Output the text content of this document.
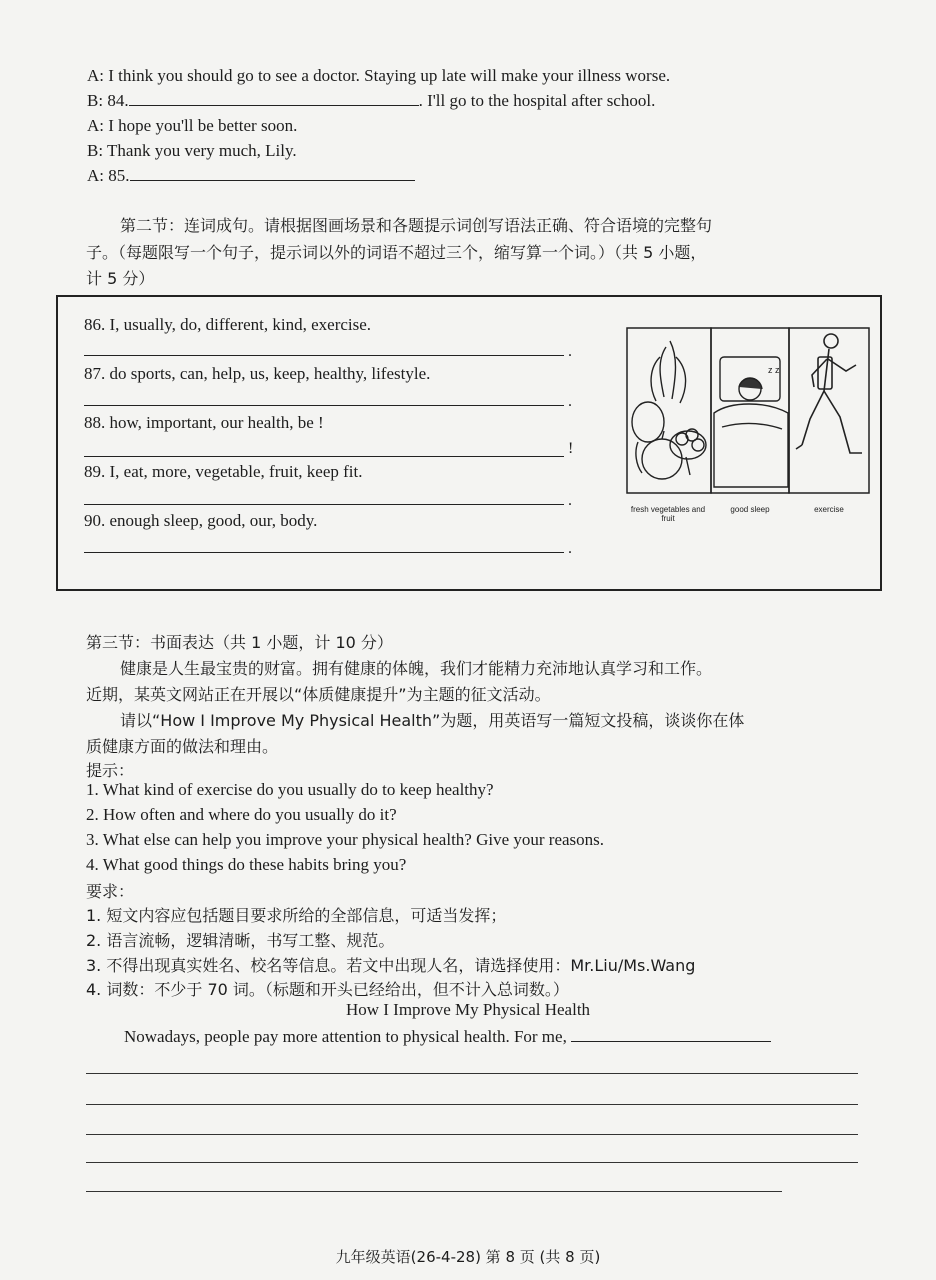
A: I think you should go to see a doctor. Staying up late will make your illness worse.
B: 84.	. I'll go to the hospital after school.
A: I hope you'll be better soon.
B: Thank you very much, Lily.
A: 85.
第二节：连词成句。请根据图画场景和各题提示词创写语法正确、符合语境的完整句
子。（每题限写一个句子，提示词以外的词语不超过三个，缩写算一个词。）（共 5 小题，
计 5 分）
86. I, usually, do, different, kind, exercise.
.
87. do sports, can, help, us, keep, healthy, lifestyle.
.
88. how, important, our health, be !
!
89. I, eat, more, vegetable, fruit, keep fit.
.
90. enough sleep, good, our, body.
.
z z
fresh vegetables and fruit
good sleep	exercise
第三节：书面表达（共 1 小题，计 10 分）
健康是人生最宝贵的财富。拥有健康的体魄，我们才能精力充沛地认真学习和工作。
近期，某英文网站正在开展以“体质健康提升”为主题的征文活动。
请以“How I Improve My Physical Health”为题，用英语写一篇短文投稿，谈谈你在体
质健康方面的做法和理由。
提示：
1. What kind of exercise do you usually do to keep healthy?
2. How often and where do you usually do it?
3. What else can help you improve your physical health? Give your reasons.
4. What good things do these habits bring you?
要求：
1. 短文内容应包括题目要求所给的全部信息，可适当发挥；
2. 语言流畅，逻辑清晰，书写工整、规范。
3. 不得出现真实姓名、校名等信息。若文中出现人名，请选择使用：Mr.Liu/Ms.Wang
4. 词数：不少于 70 词。（标题和开头已经给出，但不计入总词数。）
How I Improve My Physical Health
Nowadays, people pay more attention to physical health. For me,
九年级英语(26-4-28) 第 8 页 (共 8 页)
